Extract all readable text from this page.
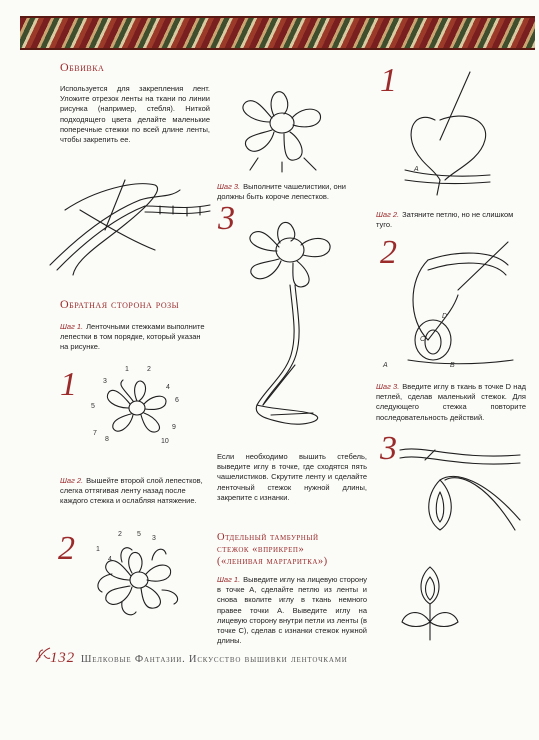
Обвивка
Используется для закрепления лент. Уложите отрезок ленты на ткани по линии рисунка (например, стебля). Ниткой подходящего цвета делайте маленькие поперечные стежки по всей длине ленты, чтобы закрепить ее.
Обратная сторона розы
Шаг 1. Ленточными стежками выполните лепестки в том порядке, который указан на рисунке.
1	1	2
3
4
5
6
7
8
9
10
Шаг 2. Вышейте второй слой лепестков, слегка оттягивая ленту назад после каждого стежка и ослабляя натяжение.
2	1
2
3
4
5
Шаг 3. Выполните чашелистики, они должны быть короче лепестков.
3
Если необходимо вышить стебель, выведите иглу в точке, где сходятся пять чашелистиков. Скрутите ленту и сделайте ленточный стежок нужной длины, закрепите с изнанки.
Отдельный тамбурный
стежок «вприкреп»
(«ленивая маргаритка»)
Шаг 1. Выведите иглу на лицевую сторону в точке A, сделайте петлю из ленты и снова вколите иглу в ткань немного правее точки A. Выведите иглу на лицевую сторону внутри петли из ленты (в точке C), сделав с изнанки стежок нужной длины.
1
A
Шаг 2. Затяните петлю, но не слишком туго.
2
A	B
C
D
Шаг 3. Введите иглу в ткань в точке D над петлей, сделав маленький стежок. Для следующего стежка повторите последовательность действий.
3
132 Шелковые Фантазии. Искусство вышивки ленточками
